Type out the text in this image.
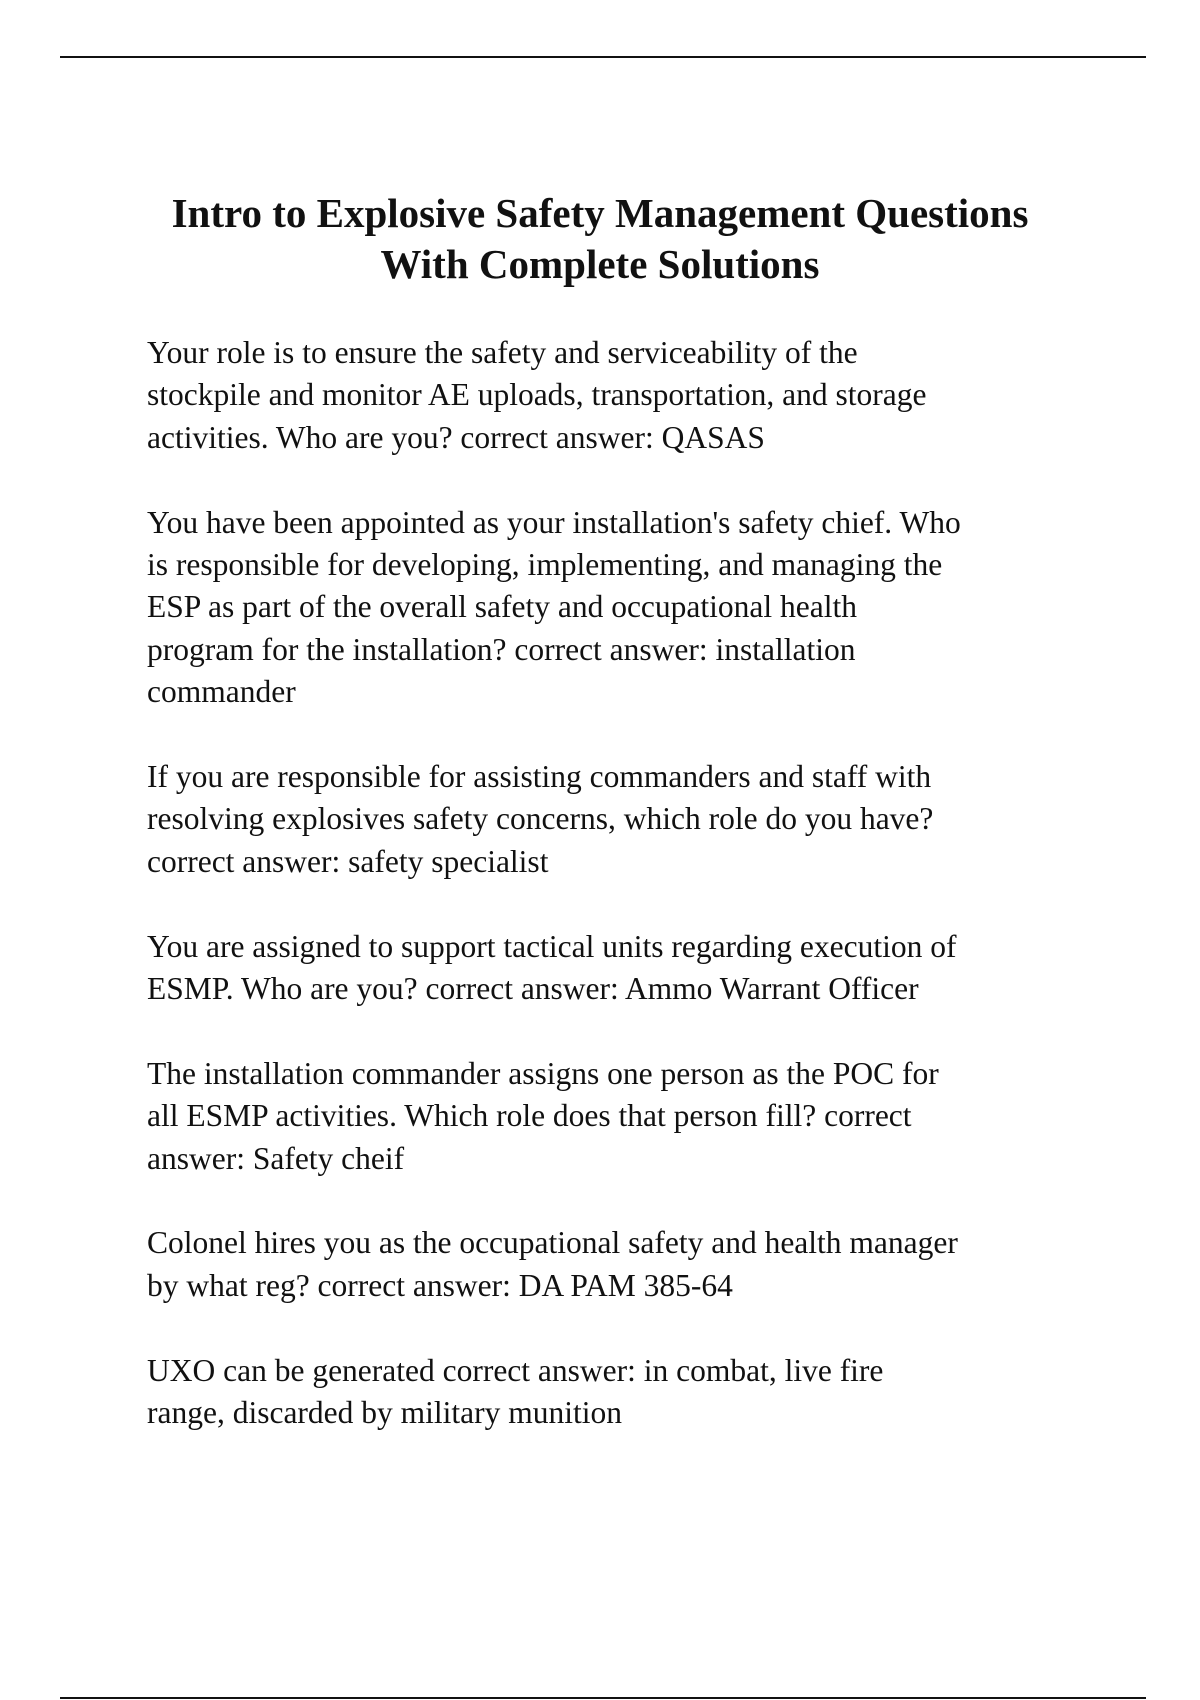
Intro to Explosive Safety Management Questions
With Complete Solutions
Your role is to ensure the safety and serviceability of the
stockpile and monitor AE uploads, transportation, and storage
activities. Who are you? correct answer: QASAS
You have been appointed as your installation's safety chief. Who
is responsible for developing, implementing, and managing the
ESP as part of the overall safety and occupational health
program for the installation? correct answer: installation
commander
If you are responsible for assisting commanders and staff with
resolving explosives safety concerns, which role do you have?
correct answer: safety specialist
You are assigned to support tactical units regarding execution of
ESMP. Who are you? correct answer: Ammo Warrant Officer
The installation commander assigns one person as the POC for
all ESMP activities. Which role does that person fill? correct
answer: Safety cheif
Colonel hires you as the occupational safety and health manager
by what reg? correct answer: DA PAM 385-64
UXO can be generated correct answer: in combat, live fire
range, discarded by military munition
